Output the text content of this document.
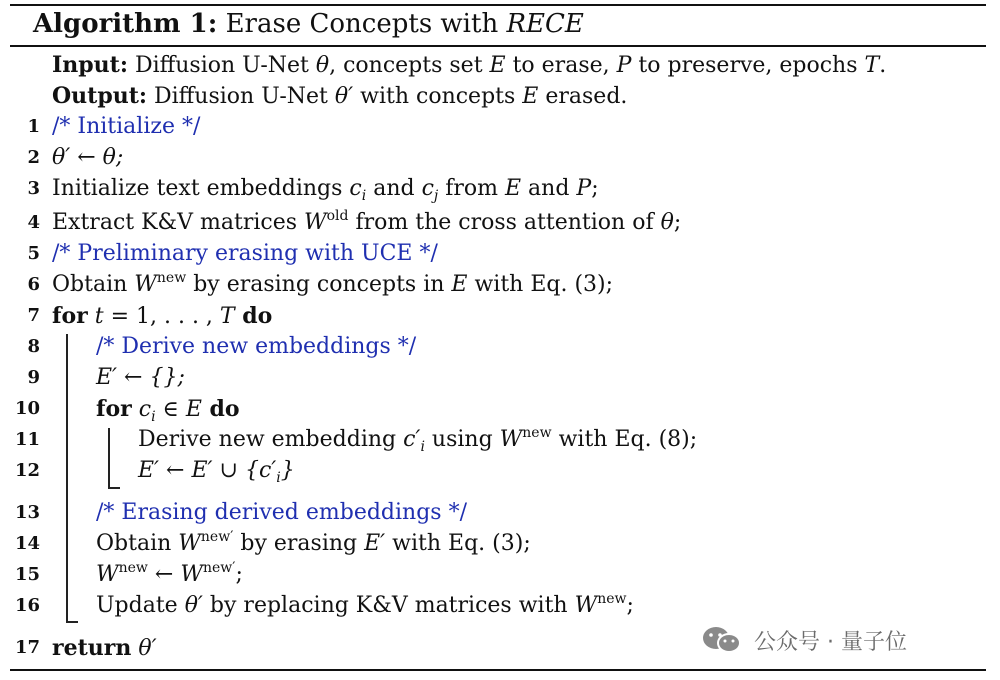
Algorithm 1: Erase Concepts with RECE
Input: Diffusion U-Net θ, concepts set E to erase, P to preserve, epochs T.
Output: Diffusion U-Net θ′ with concepts E erased.
1 /* Initialize */
2 θ′ ← θ;
3 Initialize text embeddings $c_i$ and $c_j$ from E and P;
4 Extract K&V matrices $W^{old}$ from the cross attention of θ;
5 /* Preliminary erasing with UCE */
6 Obtain $W^{new}$ by erasing concepts in E with Eq. (3);
7 for t = 1, . . . , T do
8	/* Derive new embeddings */
9	E′ ← {};
10	for $c_i$ ∈ E do
11	Derive new embedding $c'_i$ using $W^{new}$ with Eq. (8);
12	E′ ← E′ ∪ $\{c'_i\}$
13	/* Erasing derived embeddings */
14	Obtain $W^{new'}$ by erasing E′ with Eq. (3);
15	$W^{new}$ ← $W^{new'}$;
16	Update θ′ by replacing K&V matrices with $W^{new}$;
17 return θ′	公众号 · 量子位
